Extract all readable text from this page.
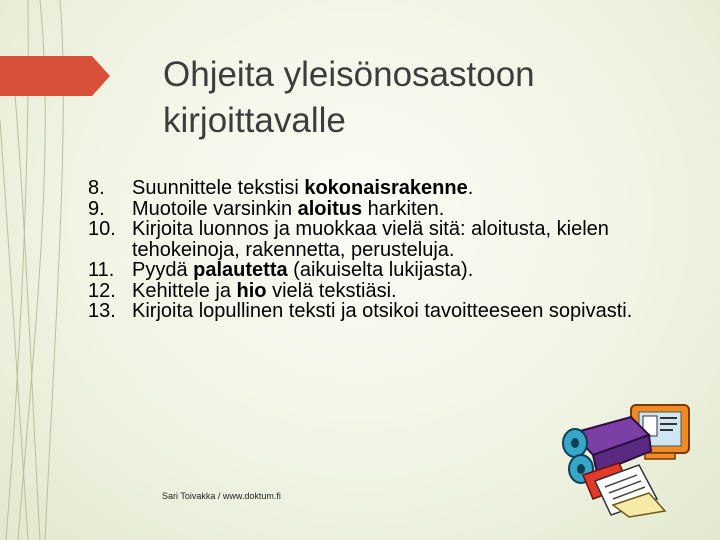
Ohjeita yleisönosastoon
kirjoittavalle
8.	Suunnittele tekstisi kokonaisrakenne.
9.	Muotoile varsinkin aloitus harkiten.
10. Kirjoita luonnos ja muokkaa vielä sitä: aloitusta, kielen tehokeinoja, rakennetta, perusteluja.
11. Pyydä palautetta (aikuiselta lukijasta).
12. Kehittele ja hio vielä tekstiäsi.
13. Kirjoita lopullinen teksti ja otsikoi tavoitteeseen sopivasti.
Sari Toivakka / www.doktum.fi
